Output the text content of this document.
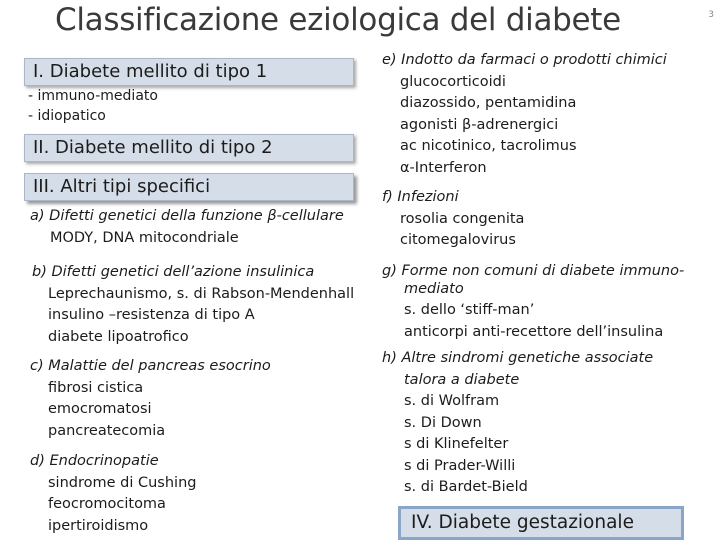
Classificazione eziologica del diabete	3
I. Diabete mellito di tipo 1
- immuno-mediato
- idiopatico
II. Diabete mellito di tipo 2
III. Altri tipi specifici
a) Difetti genetici della funzione β-cellulare
MODY, DNA mitocondriale
b) Difetti genetici dell’azione insulinica
Leprechaunismo, s. di Rabson-Mendenhall
insulino –resistenza di tipo A
diabete lipoatrofico
c) Malattie del pancreas esocrino
fibrosi cistica
emocromatosi
pancreatecomia
d) Endocrinopatie
sindrome di Cushing
feocromocitoma
ipertiroidismo
e) Indotto da farmaci o prodotti chimici
glucocorticoidi
diazossido, pentamidina
agonisti β-adrenergici
ac nicotinico, tacrolimus
α-Interferon
f) Infezioni
rosolia congenita
citomegalovirus
g) Forme non comuni di diabete immuno-
mediato
s. dello ‘stiff-man’
anticorpi anti-recettore dell’insulina
h) Altre sindromi genetiche associate
talora a diabete
s. di Wolfram
s. Di Down
s di Klinefelter
s di Prader-Willi
s. di Bardet-Bield
IV. Diabete gestazionale
